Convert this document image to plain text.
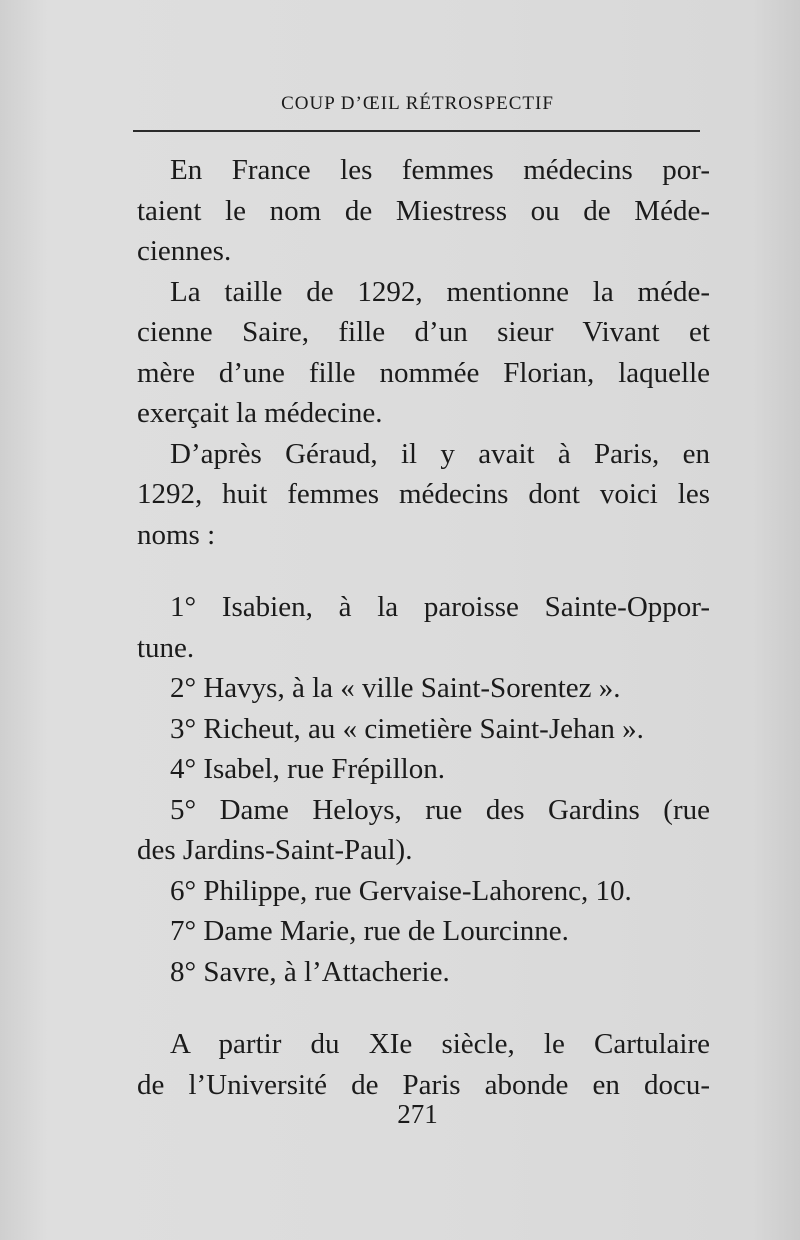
COUP D’ŒIL RÉTROSPECTIF
En France les femmes médecins por-
taient le nom de Miestress ou de Méde-
ciennes.
La taille de 1292, mentionne la méde-
cienne Saire, fille d’un sieur Vivant et
mère d’une fille nommée Florian, laquelle
exerçait la médecine.
D’après Géraud, il y avait à Paris, en
1292, huit femmes médecins dont voici les
noms :
1° Isabien, à la paroisse Sainte-Oppor-
tune.
2° Havys, à la « ville Saint-Sorentez ».
3° Richeut, au « cimetière Saint-Jehan ».
4° Isabel, rue Frépillon.
5° Dame Heloys, rue des Gardins (rue
des Jardins-Saint-Paul).
6° Philippe, rue Gervaise-Lahorenc, 10.
7° Dame Marie, rue de Lourcinne.
8° Savre, à l’Attacherie.
A partir du XIe siècle, le Cartulaire
de l’Université de Paris abonde en docu-
271
